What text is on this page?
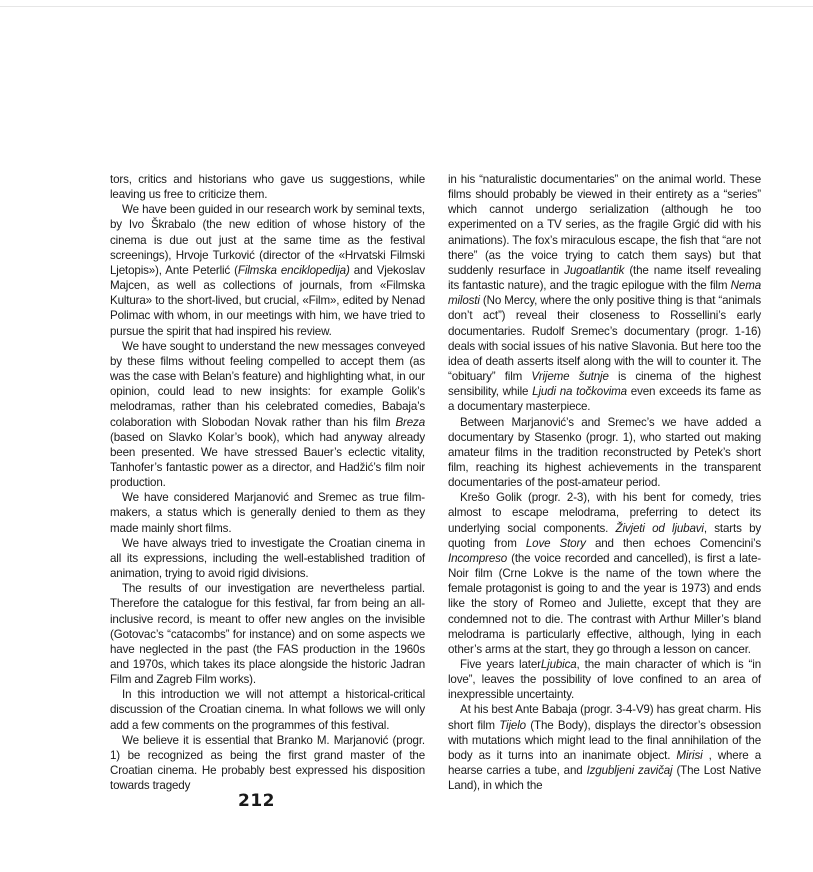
tors, critics and historians who gave us suggestions, while leaving us free to criticize them.

We have been guided in our research work by seminal texts, by Ivo Škrabalo (the new edition of whose history of the cinema is due out just at the same time as the festival screenings), Hrvoje Turković (director of the «Hrvatski Filmski Ljetopis»), Ante Peterlić (Filmska enciklopedija) and Vjekoslav Majcen, as well as collections of journals, from «Filmska Kultura» to the short-lived, but crucial, «Film», edited by Nenad Polimac with whom, in our meetings with him, we have tried to pursue the spirit that had inspired his review.

We have sought to understand the new messages conveyed by these films without feeling compelled to accept them (as was the case with Belan’s feature) and highlighting what, in our opinion, could lead to new insights: for example Golik’s melodramas, rather than his celebrated comedies, Babaja’s colaboration with Slobodan Novak rather than his film Breza (based on Slavko Kolar’s book), which had anyway already been presented. We have stressed Bauer’s eclectic vitality, Tanhofer’s fantastic power as a director, and Hadžić’s film noir production.

We have considered Marjanović and Sremec as true film-makers, a status which is generally denied to them as they made mainly short films.

We have always tried to investigate the Croatian cinema in all its expressions, including the well-established tradition of animation, trying to avoid rigid divisions.

The results of our investigation are nevertheless partial. Therefore the catalogue for this festival, far from being an all-inclusive record, is meant to offer new angles on the invisible (Gotovac’s “catacombs” for instance) and on some aspects we have neglected in the past (the FAS production in the 1960s and 1970s, which takes its place alongside the historic Jadran Film and Zagreb Film works).

In this introduction we will not attempt a historical-critical discussion of the Croatian cinema. In what follows we will only add a few comments on the programmes of this festival.

We believe it is essential that Branko M. Marjanović (progr. 1) be recognized as being the first grand master of the Croatian cinema. He probably best expressed his disposition towards tragedy

in his “naturalistic documentaries” on the animal world. These films should probably be viewed in their entirety as a “series” which cannot undergo serialization (although he too experimented on a TV series, as the fragile Grgić did with his animations). The fox’s miraculous escape, the fish that “are not there” (as the voice trying to catch them says) but that suddenly resurface in Jugoatlantik (the name itself revealing its fantastic nature), and the tragic epilogue with the film Nema milosti (No Mercy, where the only positive thing is that “animals don’t act”) reveal their closeness to Rossellini’s early documentaries. Rudolf Sremec’s documentary (progr. 1-16) deals with social issues of his native Slavonia. But here too the idea of death asserts itself along with the will to counter it. The “obituary” film Vrijeme šutnje is cinema of the highest sensibility, while Ljudi na točkovima even exceeds its fame as a documentary masterpiece.

Between Marjanović’s and Sremec’s we have added a documentary by Stasenko (progr. 1), who started out making amateur films in the tradition reconstructed by Petek’s short film, reaching its highest achievements in the transparent documentaries of the post-amateur period.

Krešo Golik (progr. 2-3), with his bent for comedy, tries almost to escape melodrama, preferring to detect its underlying social components. Živjeti od ljubavi, starts by quoting from Love Story and then echoes Comencini’s Incompreso (the voice recorded and cancelled), is first a late-Noir film (Crne Lokve is the name of the town where the female protagonist is going to and the year is 1973) and ends like the story of Romeo and Juliette, except that they are condemned not to die. The contrast with Arthur Miller’s bland melodrama is particularly effective, although, lying in each other’s arms at the start, they go through a lesson on cancer.

Five years laterLjubica, the main character of which is “in love”, leaves the possibility of love confined to an area of inexpressible uncertainty.

At his best Ante Babaja (progr. 3-4-V9) has great charm. His short film Tijelo (The Body), displays the director’s obsession with mutations which might lead to the final annihilation of the body as it turns into an inanimate object. Mirisi , where a hearse carries a tube, and Izgubljeni zavičaj (The Lost Native Land), in which the

212
